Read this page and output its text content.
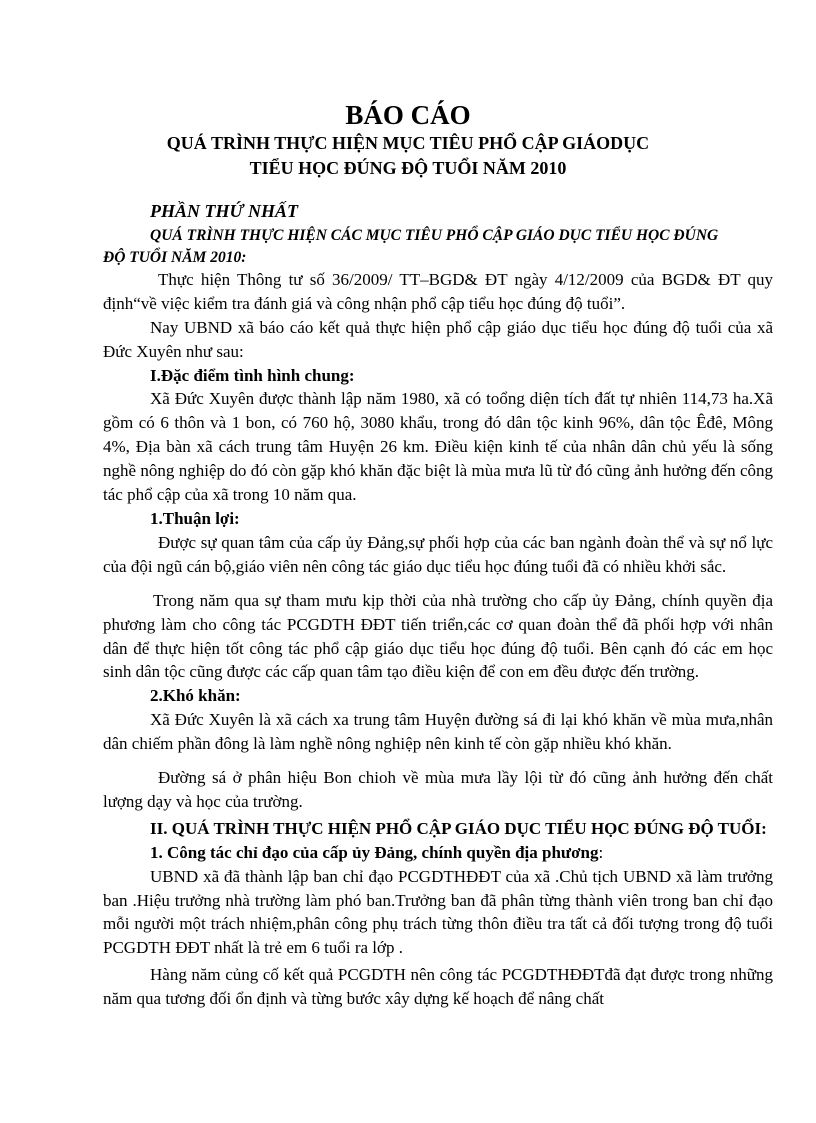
BÁO CÁO
QUÁ TRÌNH THỰC HIỆN MỤC TIÊU PHỔ CẬP GIÁODỤC
TIỂU HỌC ĐÚNG ĐỘ TUỔI NĂM 2010

PHẦN THỨ NHẤT

QUÁ TRÌNH THỰC HIỆN CÁC MỤC TIÊU PHỔ CẬP GIÁO DỤC TIỂU HỌC ĐÚNG

ĐỘ TUỔI NĂM 2010:

Thực hiện Thông tư số 36/2009/ TT–BGD& ĐT ngày 4/12/2009 của BGD& ĐT quy định“về việc kiểm tra đánh giá và công nhận phổ cập tiểu học đúng độ tuổi”.

Nay UBND xã báo cáo kết quả thực hiện phổ cập giáo dục tiểu học đúng độ tuổi của xã Đức Xuyên như sau:

I.Đặc điểm tình hình chung:

Xã Đức Xuyên được thành lập năm 1980, xã có toổng diện tích đất tự nhiên 114,73 ha.Xã gồm có 6 thôn và 1 bon, có 760 hộ, 3080 khẩu, trong đó dân tộc kinh 96%, dân tộc Êđê, Mông 4%, Địa bàn xã cách trung tâm Huyện 26 km. Điều kiện kinh tế của nhân dân chủ yếu là sống nghề nông nghiệp do đó còn gặp khó khăn đặc biệt là mùa mưa lũ từ đó cũng ảnh hưởng đến công tác phổ cập của xã trong 10 năm qua.

1.Thuận lợi:

Được sự quan tâm của cấp ủy Đảng,sự phối hợp của các ban ngành đoàn thể và sự nổ lực của đội ngũ cán bộ,giáo viên nên công tác giáo dục tiểu học đúng tuổi đã có nhiều khởi sắc.

Trong năm qua sự tham mưu kịp thời của nhà trường cho cấp ủy Đảng, chính quyền địa phương làm cho công tác PCGDTH ĐĐT tiến triển,các cơ quan đoàn thể đã phối hợp với nhân dân để thực hiện tốt công tác phổ cập giáo dục tiểu học đúng độ tuổi. Bên cạnh đó các em học sinh dân tộc cũng được các cấp quan tâm tạo điều kiện để con em đều được đến trường.

2.Khó khăn:

Xã Đức Xuyên là xã cách xa trung tâm Huyện đường sá đi lại khó khăn về mùa mưa,nhân dân chiếm phần đông là làm nghề nông nghiệp nên kinh tế còn gặp nhiều khó khăn.

Đường sá ở phân hiệu Bon chioh về mùa mưa lầy lội từ đó cũng ảnh hưởng đến chất lượng dạy và học của trường.

II. QUÁ TRÌNH THỰC HIỆN PHỔ CẬP GIÁO DỤC TIỂU HỌC ĐÚNG ĐỘ TUỔI:

1. Công tác chỉ đạo của cấp ủy Đảng, chính quyền địa phương:

UBND xã đã thành lập ban chỉ đạo PCGDTHĐĐT của xã .Chủ tịch UBND xã làm trưởng ban .Hiệu trưởng nhà trường làm phó ban.Trưởng ban đã phân từng thành viên trong ban chỉ đạo mỗi người một trách nhiệm,phân công phụ trách từng thôn điều tra tất cả đối tượng trong độ tuổi PCGDTH ĐĐT nhất là trẻ em 6 tuổi ra lớp .

Hàng năm củng cố kết quả PCGDTH nên công tác PCGDTHĐĐTđã đạt được trong những năm qua tương đối ổn định và từng bước xây dựng kế hoạch để nâng chất
